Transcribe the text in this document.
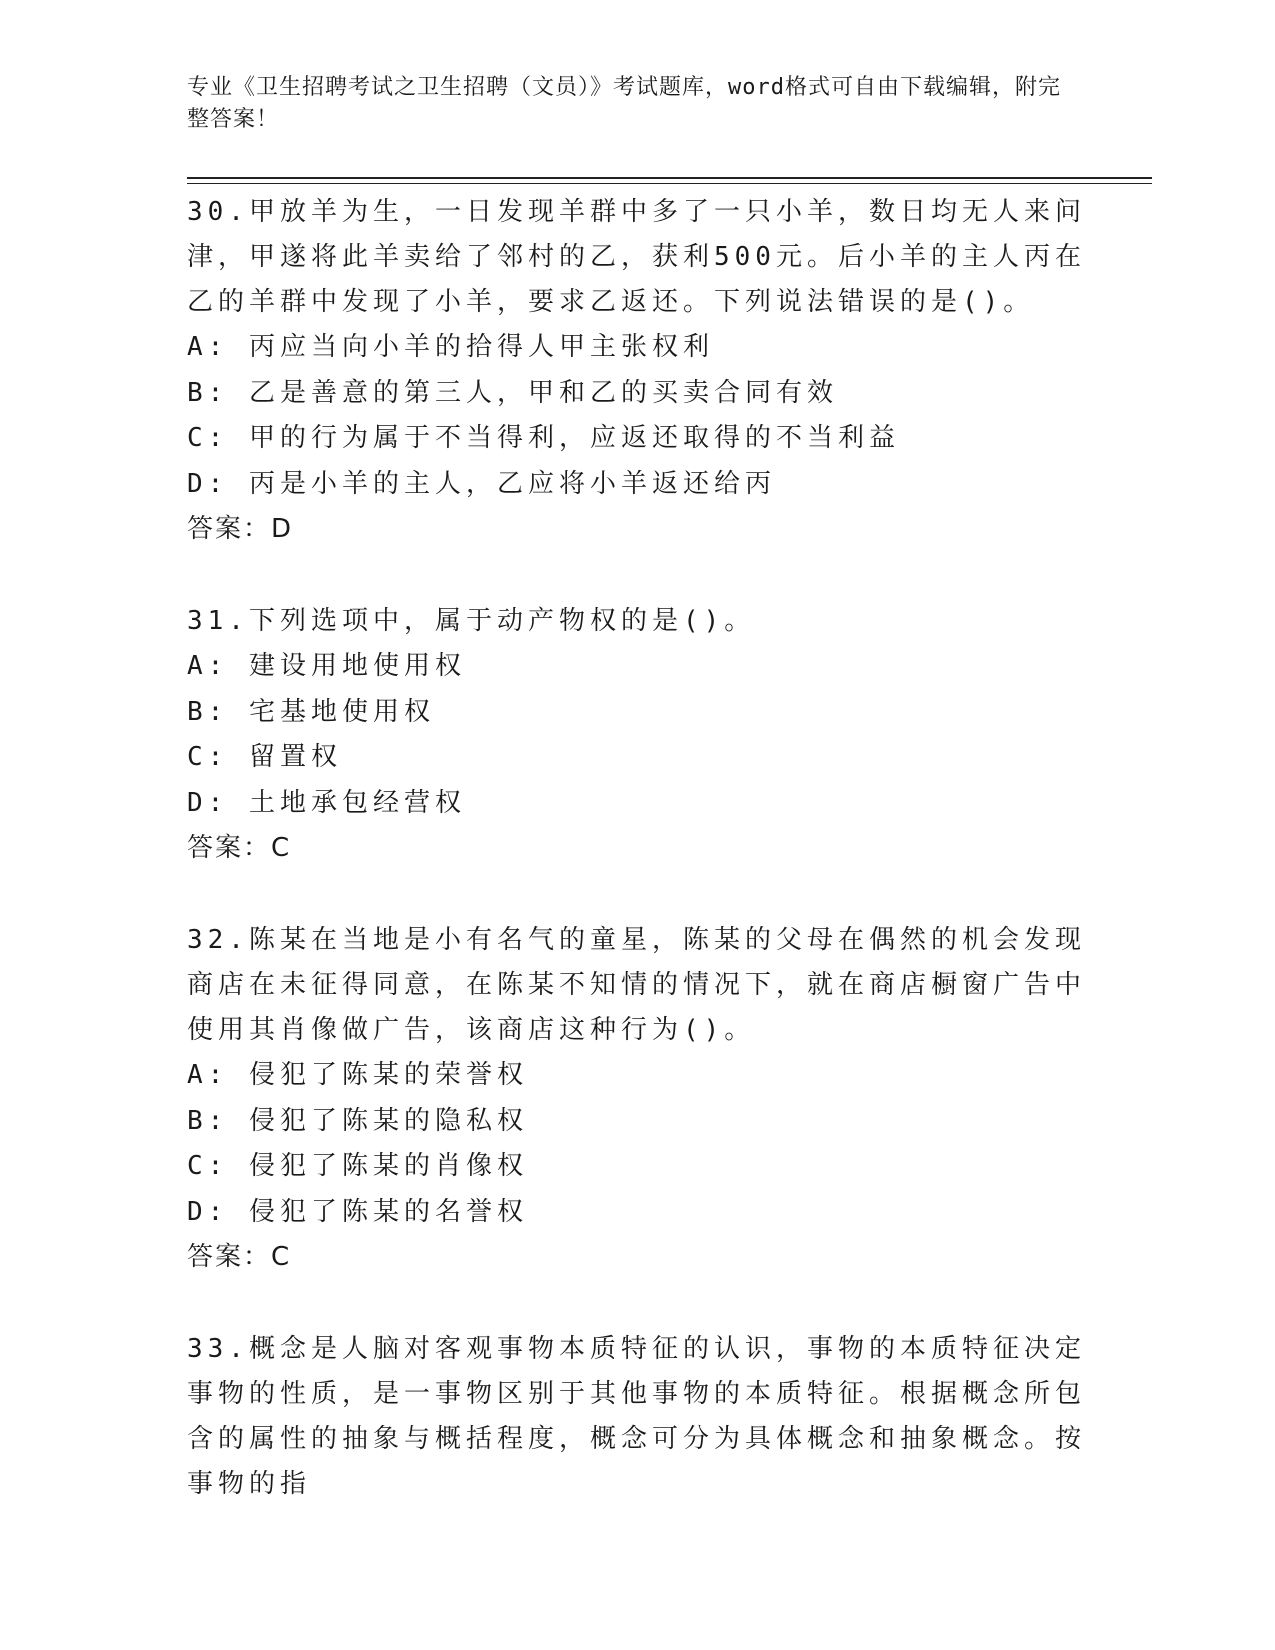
专业《卫生招聘考试之卫生招聘（文员）》考试题库，word格式可自由下载编辑，附完整答案！

30.甲放羊为生，一日发现羊群中多了一只小羊，数日均无人来问津，甲遂将此羊卖给了邻村的乙，获利500元。后小羊的主人丙在乙的羊群中发现了小羊，要求乙返还。下列说法错误的是()。

A: 丙应当向小羊的拾得人甲主张权利

B: 乙是善意的第三人，甲和乙的买卖合同有效

C: 甲的行为属于不当得利，应返还取得的不当利益

D: 丙是小羊的主人，乙应将小羊返还给丙

答案：D

31.下列选项中，属于动产物权的是()。

A: 建设用地使用权

B: 宅基地使用权

C: 留置权

D: 土地承包经营权

答案：C

32.陈某在当地是小有名气的童星，陈某的父母在偶然的机会发现商店在未征得同意，在陈某不知情的情况下，就在商店橱窗广告中使用其肖像做广告，该商店这种行为()。

A: 侵犯了陈某的荣誉权

B: 侵犯了陈某的隐私权

C: 侵犯了陈某的肖像权

D: 侵犯了陈某的名誉权

答案：C

33.概念是人脑对客观事物本质特征的认识，事物的本质特征决定事物的性质，是一事物区别于其他事物的本质特征。根据概念所包含的属性的抽象与概括程度，概念可分为具体概念和抽象概念。按事物的指
